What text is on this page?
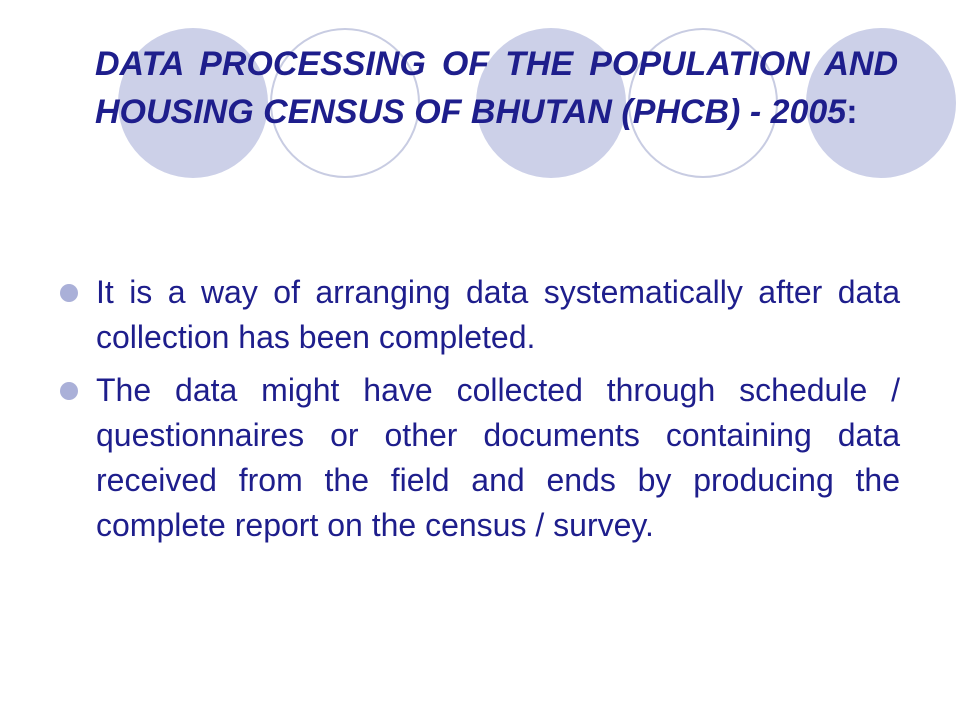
DATA PROCESSING OF THE POPULATION AND HOUSING CENSUS OF BHUTAN (PHCB) - 2005:
It is a way of arranging data systematically after data collection has been completed.
The data might have collected through schedule / questionnaires or other documents containing data received from the field and ends by producing the complete report on the census / survey.
